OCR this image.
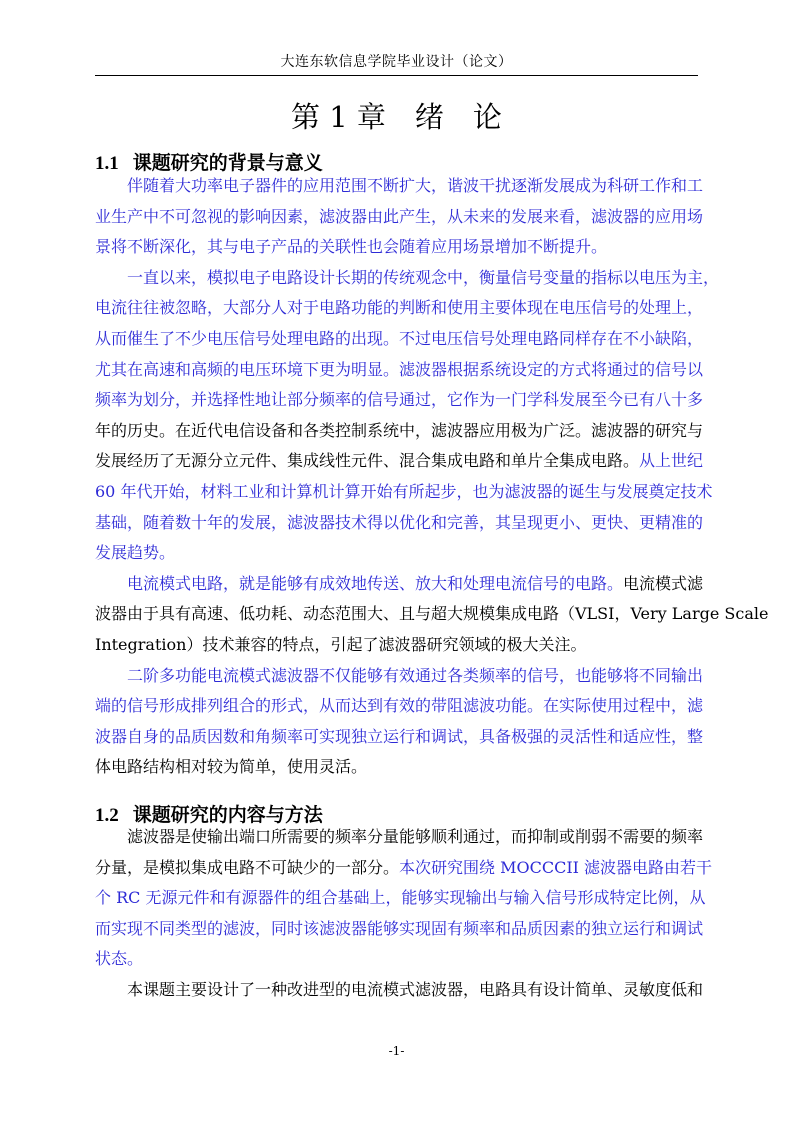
大连东软信息学院毕业设计（论文）
第 1 章　绪　论
1.1 课题研究的背景与意义
伴随着大功率电子器件的应用范围不断扩大，谐波干扰逐渐发展成为科研工作和工
业生产中不可忽视的影响因素，滤波器由此产生，从未来的发展来看，滤波器的应用场
景将不断深化，其与电子产品的关联性也会随着应用场景增加不断提升。
一直以来，模拟电子电路设计长期的传统观念中，衡量信号变量的指标以电压为主，
电流往往被忽略，大部分人对于电路功能的判断和使用主要体现在电压信号的处理上，
从而催生了不少电压信号处理电路的出现。不过电压信号处理电路同样存在不小缺陷，
尤其在高速和高频的电压环境下更为明显。滤波器根据系统设定的方式将通过的信号以
频率为划分，并选择性地让部分频率的信号通过，它作为一门学科发展至今已有八十多
年的历史。在近代电信设备和各类控制系统中，滤波器应用极为广泛。滤波器的研究与
发展经历了无源分立元件、集成线性元件、混合集成电路和单片全集成电路。从上世纪
60 年代开始，材料工业和计算机计算开始有所起步，也为滤波器的诞生与发展奠定技术
基础，随着数十年的发展，滤波器技术得以优化和完善，其呈现更小、更快、更精准的
发展趋势。
电流模式电路，就是能够有成效地传送、放大和处理电流信号的电路。电流模式滤
波器由于具有高速、低功耗、动态范围大、且与超大规模集成电路（VLSI，Very Large Scale
Integration）技术兼容的特点，引起了滤波器研究领域的极大关注。
二阶多功能电流模式滤波器不仅能够有效通过各类频率的信号，也能够将不同输出
端的信号形成排列组合的形式，从而达到有效的带阻滤波功能。在实际使用过程中，滤
波器自身的品质因数和角频率可实现独立运行和调试，具备极强的灵活性和适应性，整
体电路结构相对较为简单，使用灵活。
1.2 课题研究的内容与方法
滤波器是使输出端口所需要的频率分量能够顺利通过，而抑制或削弱不需要的频率
分量，是模拟集成电路不可缺少的一部分。本次研究围绕 MOCCCII 滤波器电路由若干
个 RC 无源元件和有源器件的组合基础上，能够实现输出与输入信号形成特定比例，从
而实现不同类型的滤波，同时该滤波器能够实现固有频率和品质因素的独立运行和调试
状态。
本课题主要设计了一种改进型的电流模式滤波器，电路具有设计简单、灵敏度低和
-1-
